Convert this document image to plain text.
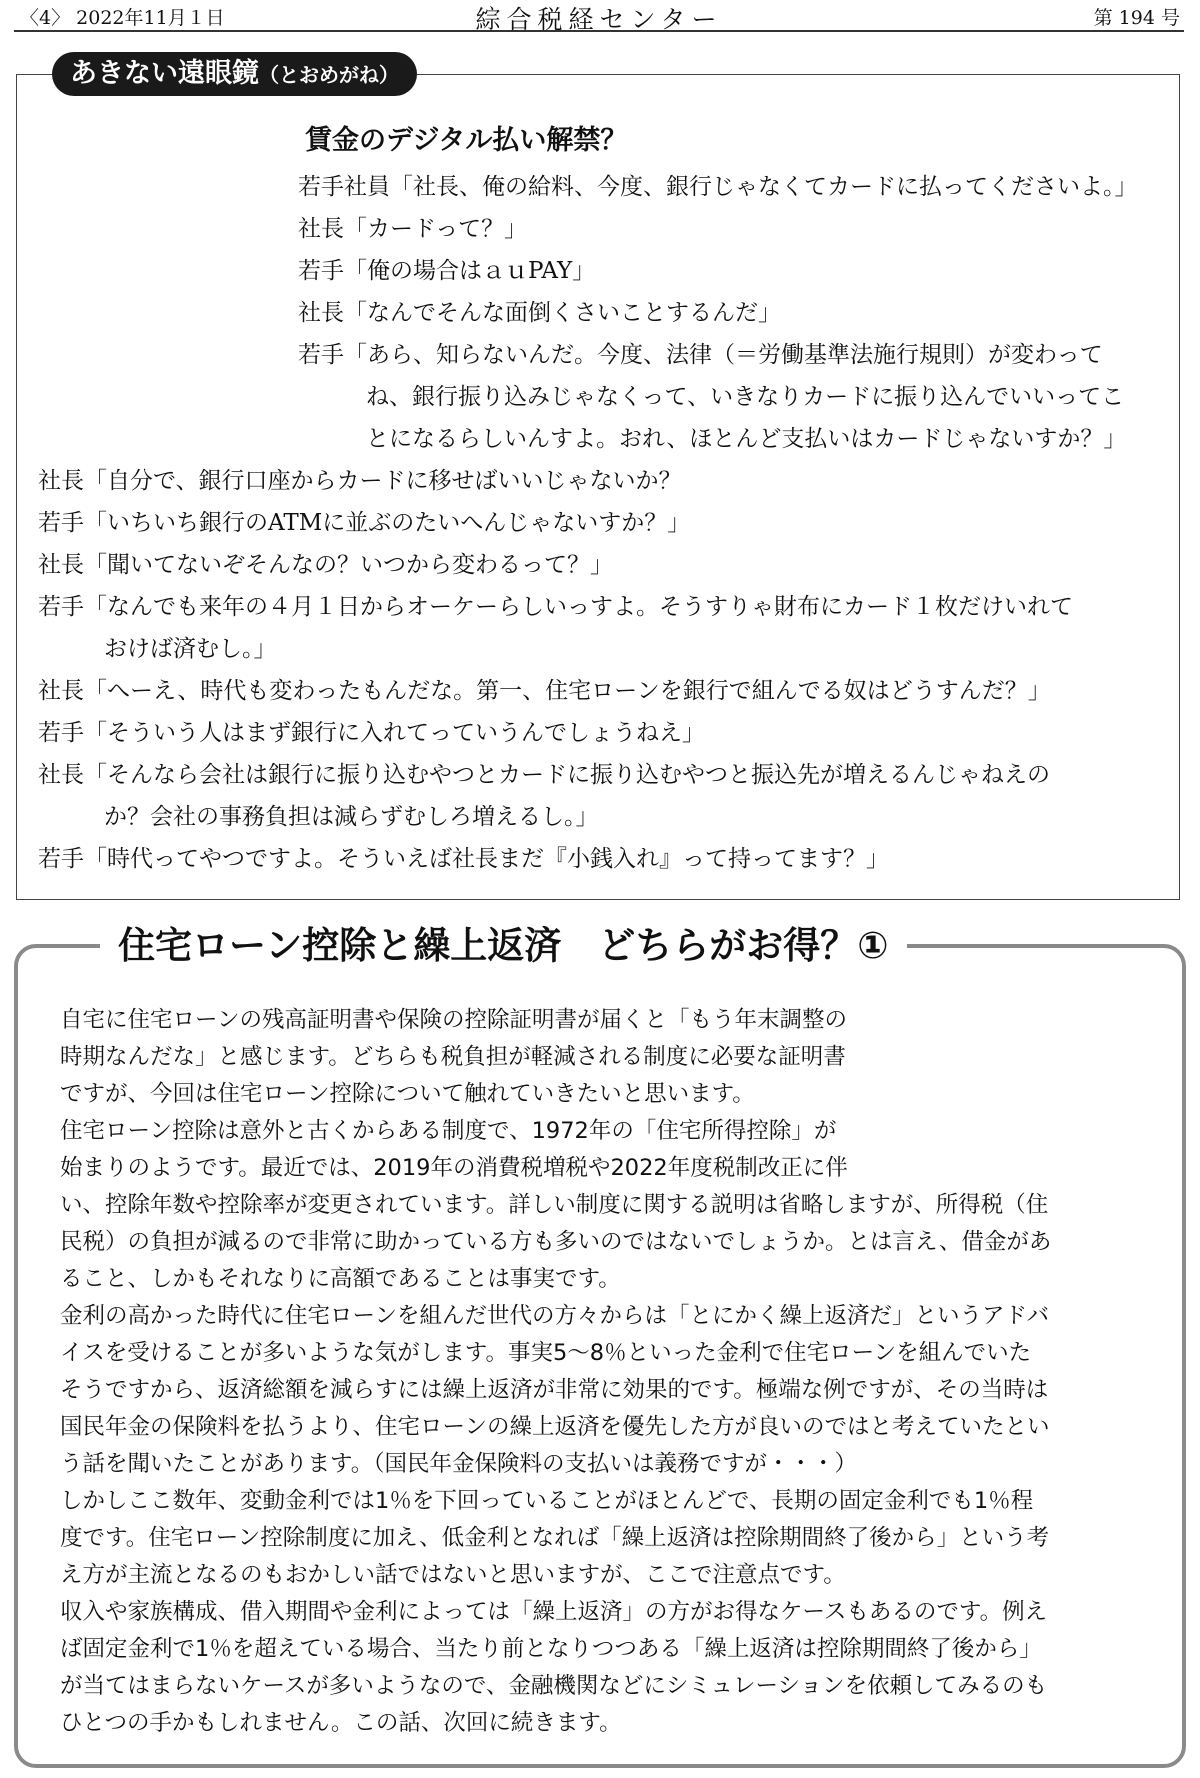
〈4〉 2022年11月１日	綜合税経センター	第 194 号
あきない遠眼鏡（とおめがね）
賃金のデジタル払い解禁？
若手社員「社長、俺の給料、今度、銀行じゃなくてカードに払ってくださいよ。」
社長「カードって？」
若手「俺の場合はａｕPAY」
社長「なんでそんな面倒くさいことするんだ」
若手「あら、知らないんだ。今度、法律（＝労働基準法施行規則）が変わって
ね、銀行振り込みじゃなくって、いきなりカードに振り込んでいいってこ
とになるらしいんすよ。おれ、ほとんど支払いはカードじゃないすか？」
社長「自分で、銀行口座からカードに移せばいいじゃないか？
若手「いちいち銀行のATMに並ぶのたいへんじゃないすか？」
社長「聞いてないぞそんなの？いつから変わるって？」
若手「なんでも来年の４月１日からオーケーらしいっすよ。そうすりゃ財布にカード１枚だけいれて
おけば済むし。」
社長「へーえ、時代も変わったもんだな。第一、住宅ローンを銀行で組んでる奴はどうすんだ？」
若手「そういう人はまず銀行に入れてっていうんでしょうねえ」
社長「そんなら会社は銀行に振り込むやつとカードに振り込むやつと振込先が増えるんじゃねえの
か？会社の事務負担は減らずむしろ増えるし。」
若手「時代ってやつですよ。そういえば社長まだ『小銭入れ』って持ってます？」
住宅ローン控除と繰上返済　どちらがお得？①
自宅に住宅ローンの残高証明書や保険の控除証明書が届くと「もう年末調整の
時期なんだな」と感じます。どちらも税負担が軽減される制度に必要な証明書
ですが、今回は住宅ローン控除について触れていきたいと思います。
住宅ローン控除は意外と古くからある制度で、1972年の「住宅所得控除」が
始まりのようです。最近では、2019年の消費税増税や2022年度税制改正に伴
い、控除年数や控除率が変更されています。詳しい制度に関する説明は省略しますが、所得税（住
民税）の負担が減るので非常に助かっている方も多いのではないでしょうか。とは言え、借金があ
ること、しかもそれなりに高額であることは事実です。
金利の高かった時代に住宅ローンを組んだ世代の方々からは「とにかく繰上返済だ」というアドバ
イスを受けることが多いような気がします。事実5〜8％といった金利で住宅ローンを組んでいた
そうですから、返済総額を減らすには繰上返済が非常に効果的です。極端な例ですが、その当時は
国民年金の保険料を払うより、住宅ローンの繰上返済を優先した方が良いのではと考えていたとい
う話を聞いたことがあります。（国民年金保険料の支払いは義務ですが・・・）
しかしここ数年、変動金利では1％を下回っていることがほとんどで、長期の固定金利でも1％程
度です。住宅ローン控除制度に加え、低金利となれば「繰上返済は控除期間終了後から」という考
え方が主流となるのもおかしい話ではないと思いますが、ここで注意点です。
収入や家族構成、借入期間や金利によっては「繰上返済」の方がお得なケースもあるのです。例え
ば固定金利で1％を超えている場合、当たり前となりつつある「繰上返済は控除期間終了後から」
が当てはまらないケースが多いようなので、金融機関などにシミュレーションを依頼してみるのも
ひとつの手かもしれません。この話、次回に続きます。
